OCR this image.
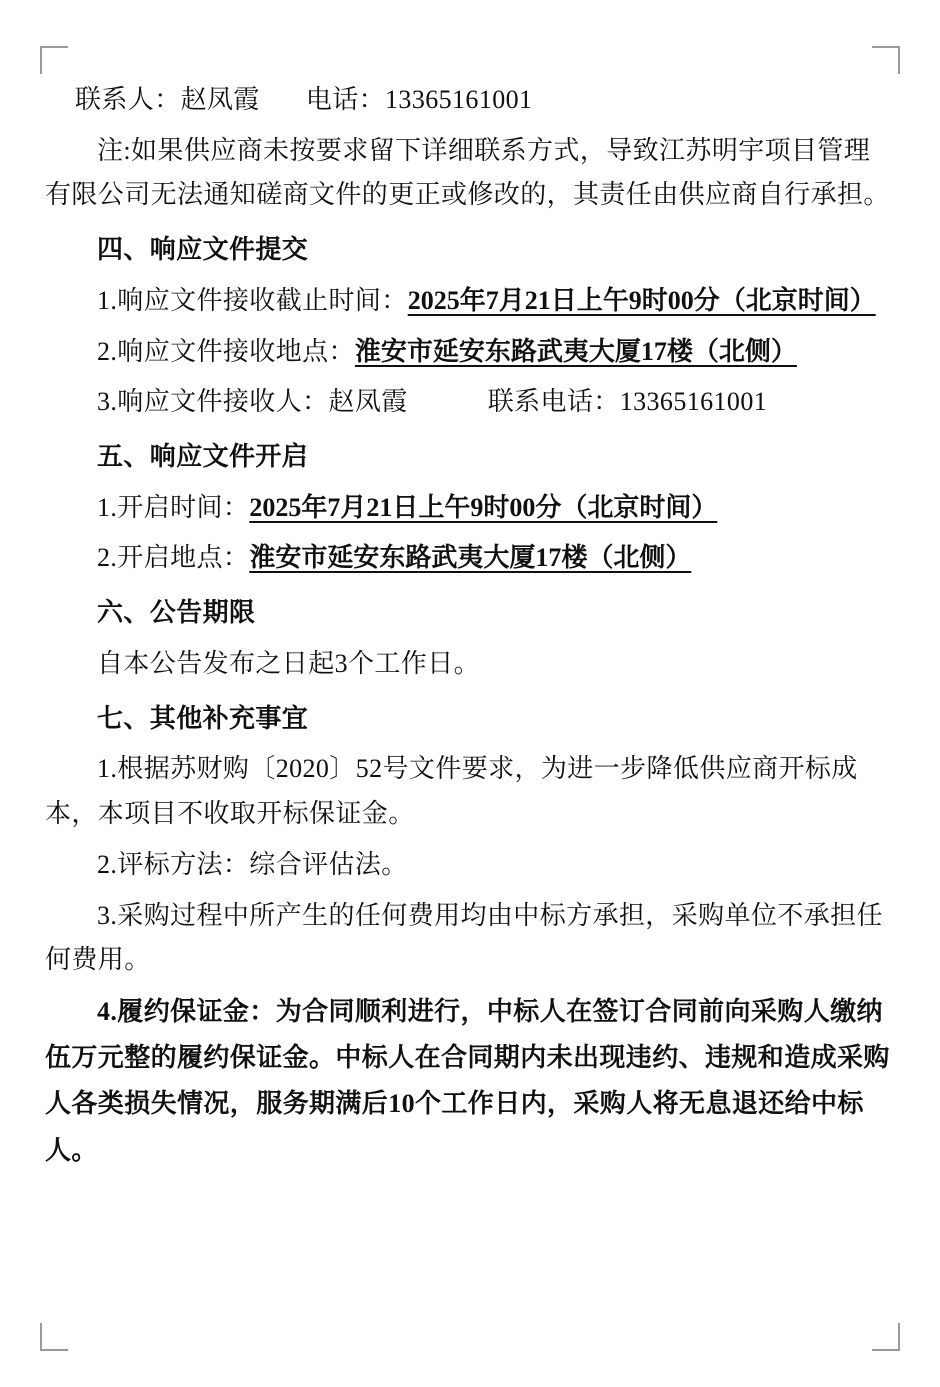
联系人：赵凤霞 电话：13365161001

注:如果供应商未按要求留下详细联系方式，导致江苏明宇项目管理有限公司无法通知磋商文件的更正或修改的，其责任由供应商自行承担。

四、响应文件提交

1.响应文件接收截止时间：2025年7月21日上午9时00分（北京时间）

2.响应文件接收地点：淮安市延安东路武夷大厦17楼（北侧）

3.响应文件接收人：赵凤霞	联系电话：13365161001

五、响应文件开启

1.开启时间：2025年7月21日上午9时00分（北京时间）

2.开启地点：淮安市延安东路武夷大厦17楼（北侧）

六、公告期限

自本公告发布之日起3个工作日。

七、其他补充事宜

1.根据苏财购〔2020〕52号文件要求，为进一步降低供应商开标成本，本项目不收取开标保证金。

2.评标方法：综合评估法。

3.采购过程中所产生的任何费用均由中标方承担，采购单位不承担任何费用。

4.履约保证金：为合同顺利进行，中标人在签订合同前向采购人缴纳伍万元整的履约保证金。中标人在合同期内未出现违约、违规和造成采购人各类损失情况，服务期满后10个工作日内，采购人将无息退还给中标人。
